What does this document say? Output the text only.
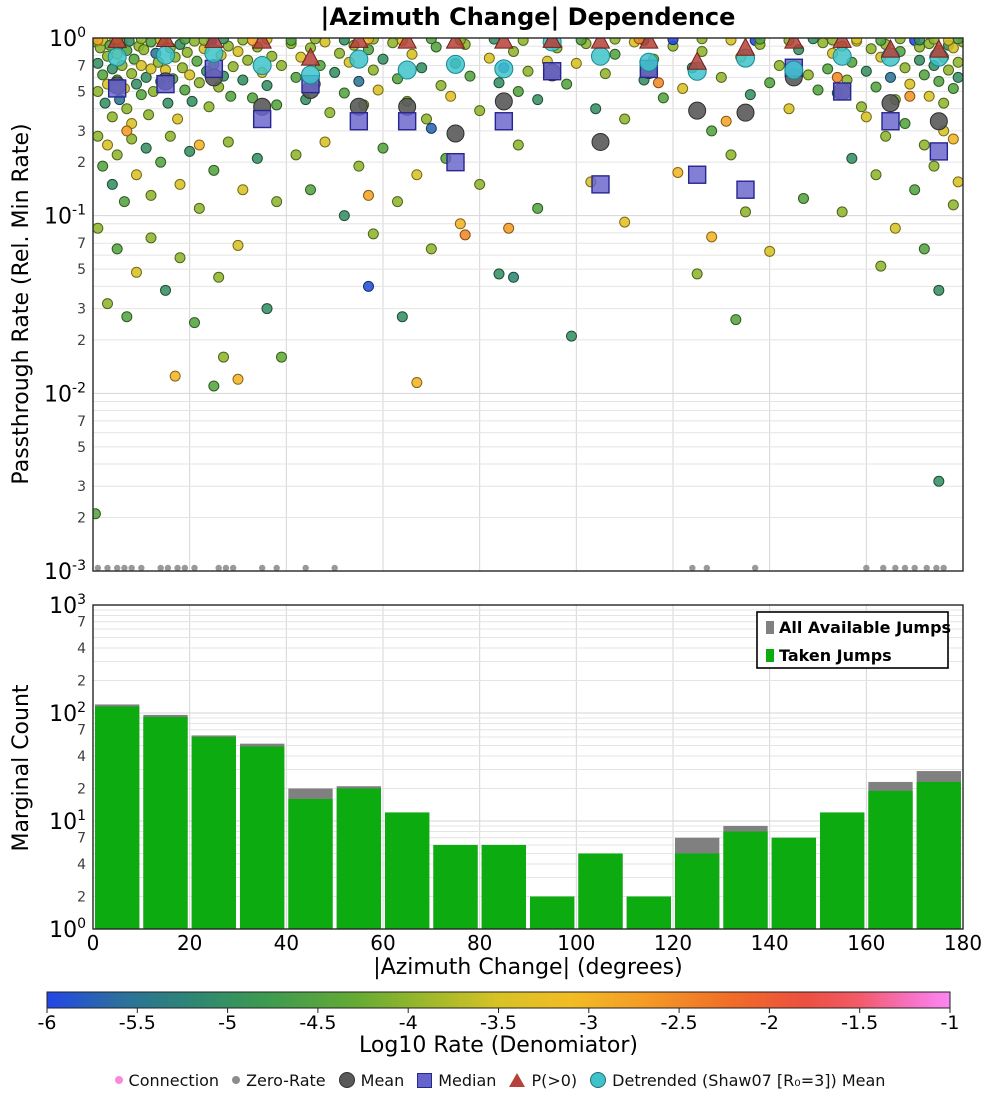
|Azimuth Change| Dependence
Passthrough Rate (Rel. Min Rate)
Marginal Count
$10^0$
$10^{-1}$
$10^{-2}$
$10^{-3}$
7
5
3
2
7
5
3
2
7
5
3
2
$10^0$
$10^1$
$10^2$
$10^3$
7
4
2
7
4
2
7
4
2
0	20	40	60	80	100	120	140	160	180
All Available Jumps
Taken Jumps
-6	-5.5	-5	-4.5	-4	-3.5	-3	-2.5	-2	-1.5	-1
|Azimuth Change| (degrees)
Log10 Rate (Denomiator)
Connection Zero-Rate Mean Median P(>0) Detrended (Shaw07 [R₀=3]) Mean
